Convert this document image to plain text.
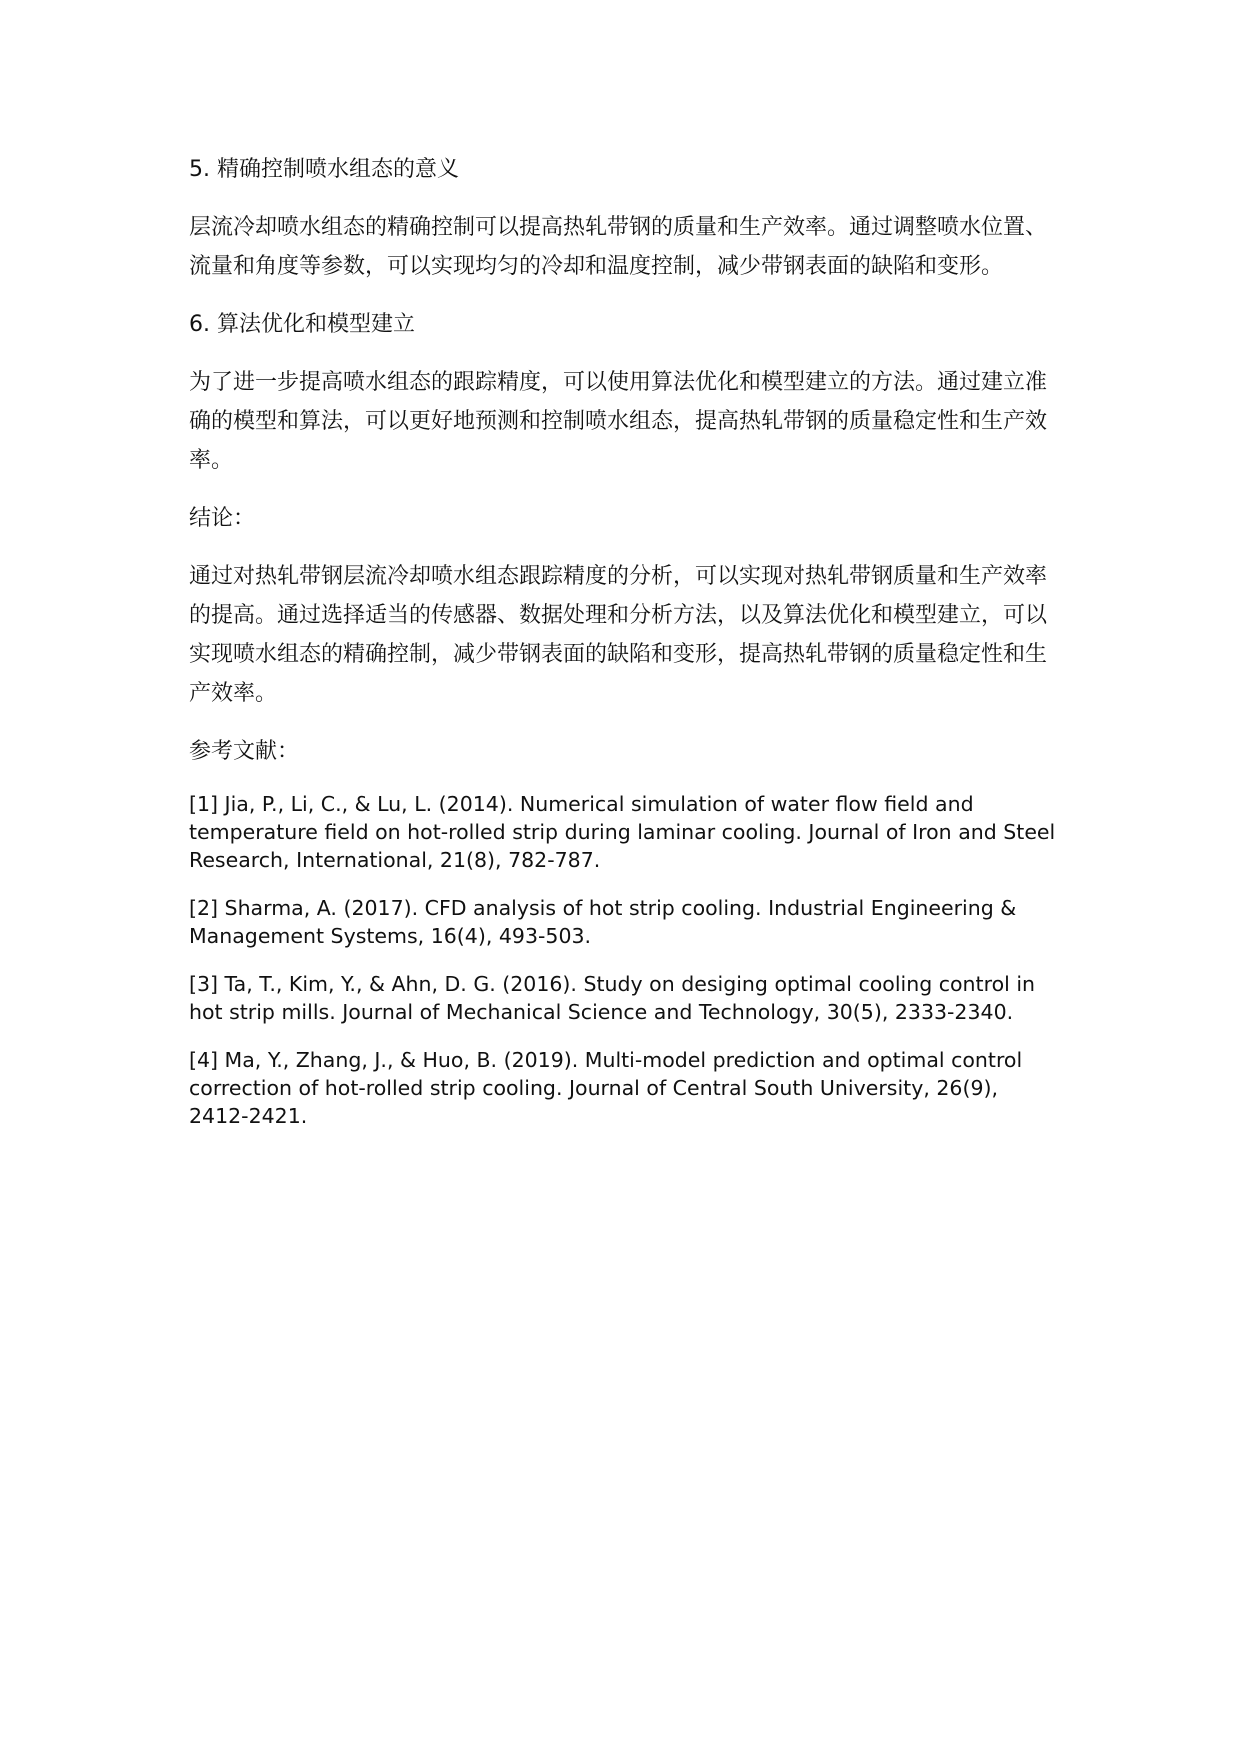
5. 精确控制喷水组态的意义

层流冷却喷水组态的精确控制可以提高热轧带钢的质量和生产效率。通过调整喷水位置、流量和角度等参数，可以实现均匀的冷却和温度控制，减少带钢表面的缺陷和变形。

6. 算法优化和模型建立

为了进一步提高喷水组态的跟踪精度，可以使用算法优化和模型建立的方法。通过建立准确的模型和算法，可以更好地预测和控制喷水组态，提高热轧带钢的质量稳定性和生产效率。

结论：

通过对热轧带钢层流冷却喷水组态跟踪精度的分析，可以实现对热轧带钢质量和生产效率的提高。通过选择适当的传感器、数据处理和分析方法，以及算法优化和模型建立，可以实现喷水组态的精确控制，减少带钢表面的缺陷和变形，提高热轧带钢的质量稳定性和生产效率。

参考文献：

[1] Jia, P., Li, C., & Lu, L. (2014). Numerical simulation of water flow field and temperature field on hot-rolled strip during laminar cooling. Journal of Iron and Steel Research, International, 21(8), 782-787.

[2] Sharma, A. (2017). CFD analysis of hot strip cooling. Industrial Engineering & Management Systems, 16(4), 493-503.

[3] Ta, T., Kim, Y., & Ahn, D. G. (2016). Study on desiging optimal cooling control in hot strip mills. Journal of Mechanical Science and Technology, 30(5), 2333-2340.

[4] Ma, Y., Zhang, J., & Huo, B. (2019). Multi-model prediction and optimal control correction of hot-rolled strip cooling. Journal of Central South University, 26(9), 2412-2421.
